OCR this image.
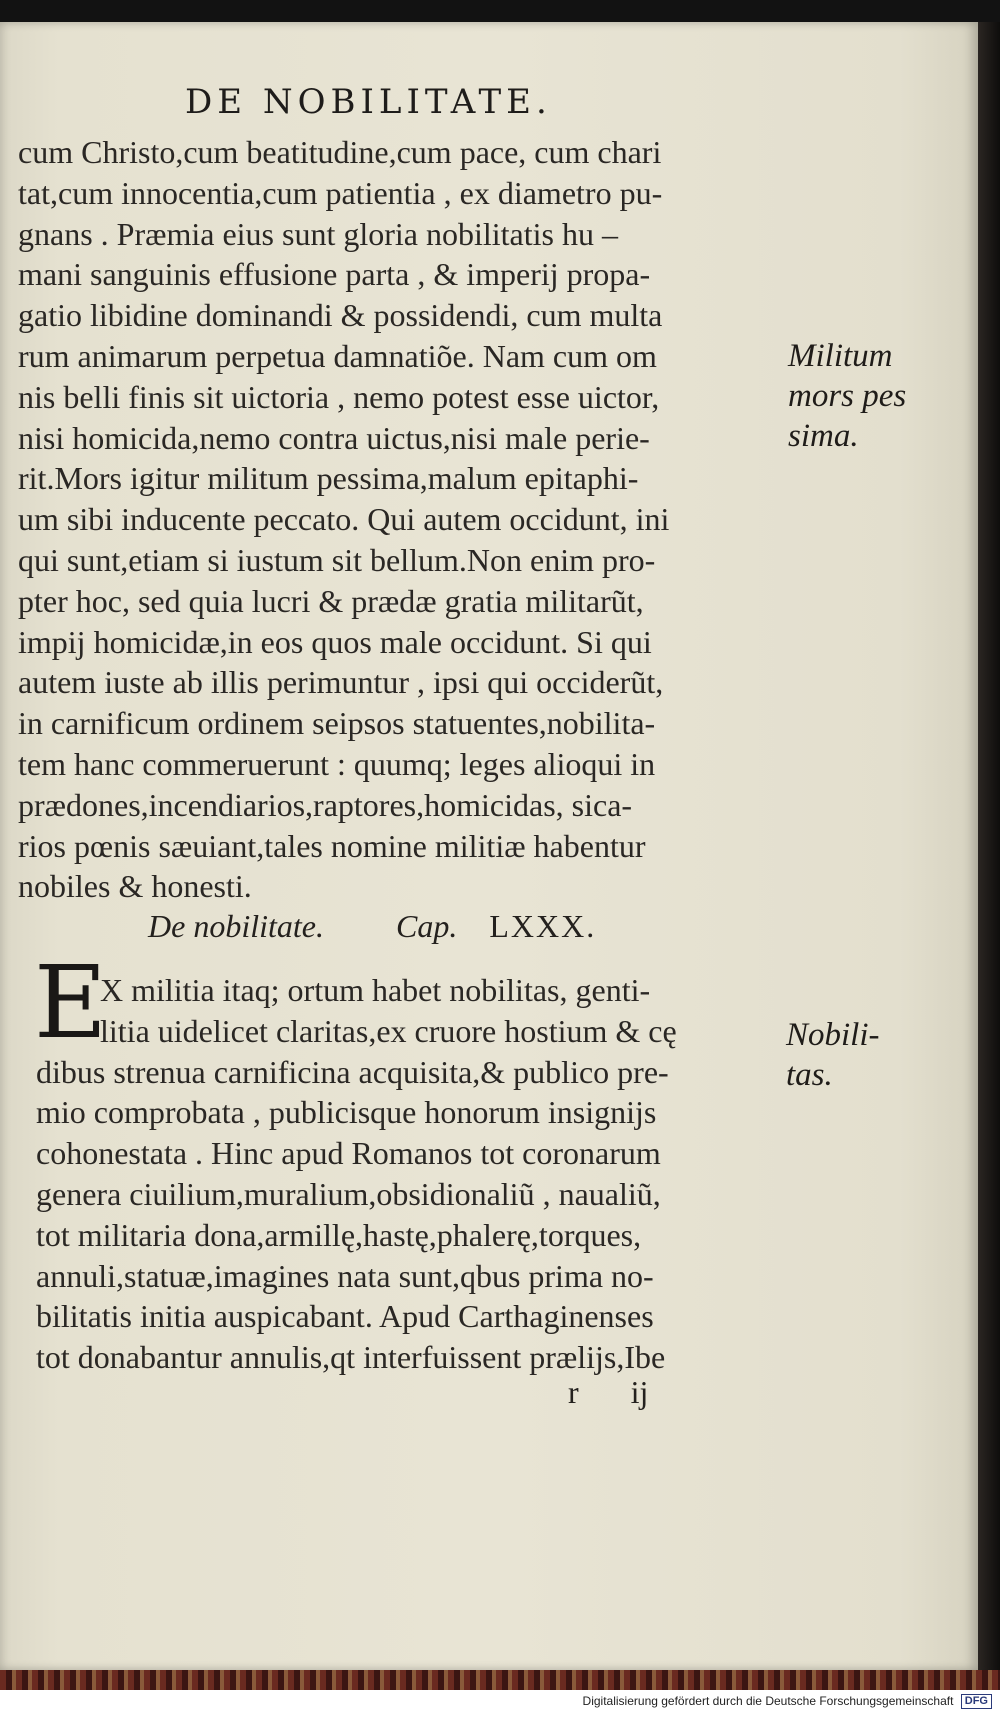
DE NOBILITATE.
cum Christo,cum beatitudine,cum pace, cum chari
tat,cum innocentia,cum patientia , ex diametro pu-
gnans . Præmia eius sunt gloria nobilitatis hu –
mani sanguinis effusione parta , & imperij propa-
gatio libidine dominandi & possidendi, cum multa
rum animarum perpetua damnatiõe. Nam cum om
nis belli finis sit uictoria , nemo potest esse uictor,
nisi homicida,nemo contra uictus,nisi male perie-
rit.Mors igitur militum pessima,malum epitaphi-
um sibi inducente peccato. Qui autem occidunt, ini
qui sunt,etiam si iustum sit bellum.Non enim pro-
pter hoc, sed quia lucri & prædæ gratia militarũt,
impij homicidæ,in eos quos male occidunt. Si qui
autem iuste ab illis perimuntur , ipsi qui occiderũt,
in carnificum ordinem seipsos statuentes,nobilita-
tem hanc commeruerunt : quumq; leges alioqui in
prædones,incendiarios,raptores,homicidas, sica-
rios pœnis sæuiant,tales nomine militiæ habentur
nobiles & honesti.
Militum
mors pes
sima.
De nobilitate. Cap. LXXX.
E
X militia itaq; ortum habet nobilitas, genti-
litia uidelicet claritas,ex cruore hostium & cę
dibus strenua carnificina acquisita,& publico pre-
mio comprobata , publicisque honorum insignijs
cohonestata . Hinc apud Romanos tot coronarum
genera ciuilium,muralium,obsidionaliũ , naualiũ,
tot militaria dona,armillę,hastę,phalerę,torques,
annuli,statuæ,imagines nata sunt,qbus prima no-
bilitatis initia auspicabant. Apud Carthaginenses
tot donabantur annulis,qt interfuissent prælijs,Ibe
Nobili-
tas.
r ij
Digitalisierung gefördert durch die Deutsche Forschungsgemeinschaft DFG
